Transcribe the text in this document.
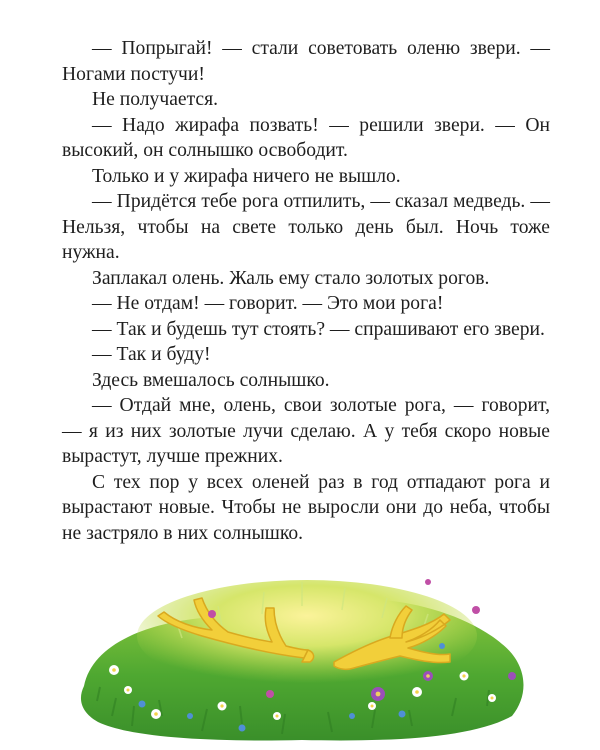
— Попрыгай! — стали советовать оленю звери. — Ногами постучи!

Не получается.

— Надо жирафа позвать! — решили звери. — Он высокий, он солнышко освободит.

Только и у жирафа ничего не вышло.

— Придётся тебе рога отпилить, — сказал медведь. — Нельзя, чтобы на свете только день был. Ночь тоже нужна.

Заплакал олень. Жаль ему стало золотых рогов.

— Не отдам! — говорит. — Это мои рога!

— Так и будешь тут стоять? — спрашивают его звери.

— Так и буду!

Здесь вмешалось солнышко.

— Отдай мне, олень, свои золотые рога, — говорит, — я из них золотые лучи сделаю. А у тебя скоро новые вырастут, лучше прежних.

С тех пор у всех оленей раз в год отпадают рога и вырастают новые. Чтобы не выросли они до неба, чтобы не застряло в них солнышко.
